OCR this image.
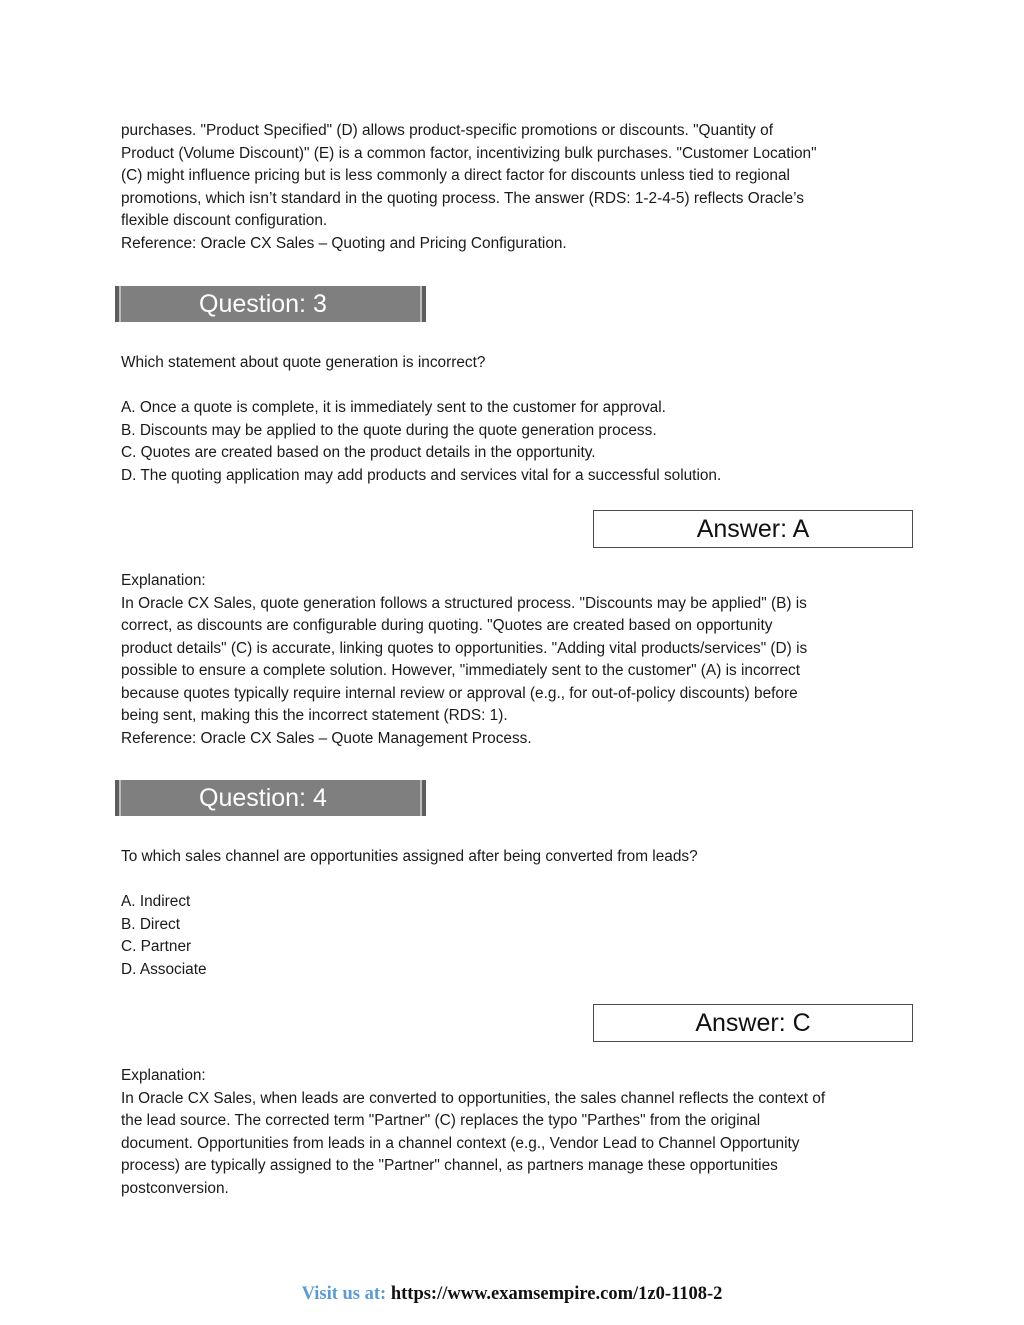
purchases. "Product Specified" (D) allows product-specific promotions or discounts. "Quantity of

Product (Volume Discount)" (E) is a common factor, incentivizing bulk purchases. "Customer Location"

(C) might influence pricing but is less commonly a direct factor for discounts unless tied to regional

promotions, which isn’t standard in the quoting process. The answer (RDS: 1-2-4-5) reflects Oracle’s

flexible discount configuration.

Reference: Oracle CX Sales – Quoting and Pricing Configuration.

Question: 3

Which statement about quote generation is incorrect?

A. Once a quote is complete, it is immediately sent to the customer for approval.

B. Discounts may be applied to the quote during the quote generation process.

C. Quotes are created based on the product details in the opportunity.

D. The quoting application may add products and services vital for a successful solution.

Answer: A

Explanation:

In Oracle CX Sales, quote generation follows a structured process. "Discounts may be applied" (B) is

correct, as discounts are configurable during quoting. "Quotes are created based on opportunity

product details" (C) is accurate, linking quotes to opportunities. "Adding vital products/services" (D) is

possible to ensure a complete solution. However, "immediately sent to the customer" (A) is incorrect

because quotes typically require internal review or approval (e.g., for out-of-policy discounts) before

being sent, making this the incorrect statement (RDS: 1).

Reference: Oracle CX Sales – Quote Management Process.

Question: 4

To which sales channel are opportunities assigned after being converted from leads?

A. Indirect

B. Direct

C. Partner

D. Associate

Answer: C

Explanation:

In Oracle CX Sales, when leads are converted to opportunities, the sales channel reflects the context of

the lead source. The corrected term "Partner" (C) replaces the typo "Parthes" from the original

document. Opportunities from leads in a channel context (e.g., Vendor Lead to Channel Opportunity

process) are typically assigned to the "Partner" channel, as partners manage these opportunities

postconversion.

Visit us at: https://www.examsempire.com/1z0-1108-2
